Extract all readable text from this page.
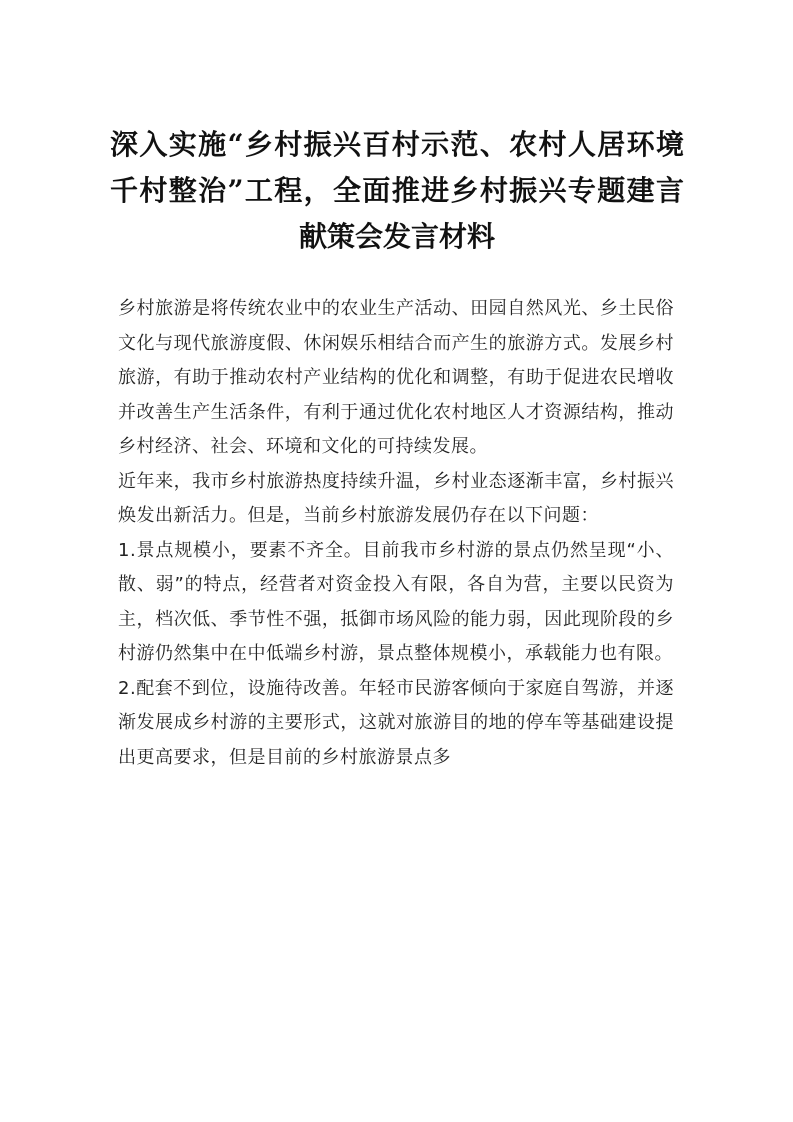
深入实施“乡村振兴百村示范、农村人居环境千村整治”工程，全面推进乡村振兴专题建言献策会发言材料

乡村旅游是将传统农业中的农业生产活动、田园自然风光、乡土民俗文化与现代旅游度假、休闲娱乐相结合而产生的旅游方式。发展乡村旅游，有助于推动农村产业结构的优化和调整，有助于促进农民增收并改善生产生活条件，有利于通过优化农村地区人才资源结构，推动乡村经济、社会、环境和文化的可持续发展。

近年来，我市乡村旅游热度持续升温，乡村业态逐渐丰富，乡村振兴焕发出新活力。但是，当前乡村旅游发展仍存在以下问题：

1.景点规模小，要素不齐全。目前我市乡村游的景点仍然呈现“小、散、弱”的特点，经营者对资金投入有限，各自为营，主要以民资为主，档次低、季节性不强，抵御市场风险的能力弱，因此现阶段的乡村游仍然集中在中低端乡村游，景点整体规模小，承载能力也有限。

2.配套不到位，设施待改善。年轻市民游客倾向于家庭自驾游，并逐渐发展成乡村游的主要形式，这就对旅游目的地的停车等基础建设提出更高要求，但是目前的乡村旅游景点多
